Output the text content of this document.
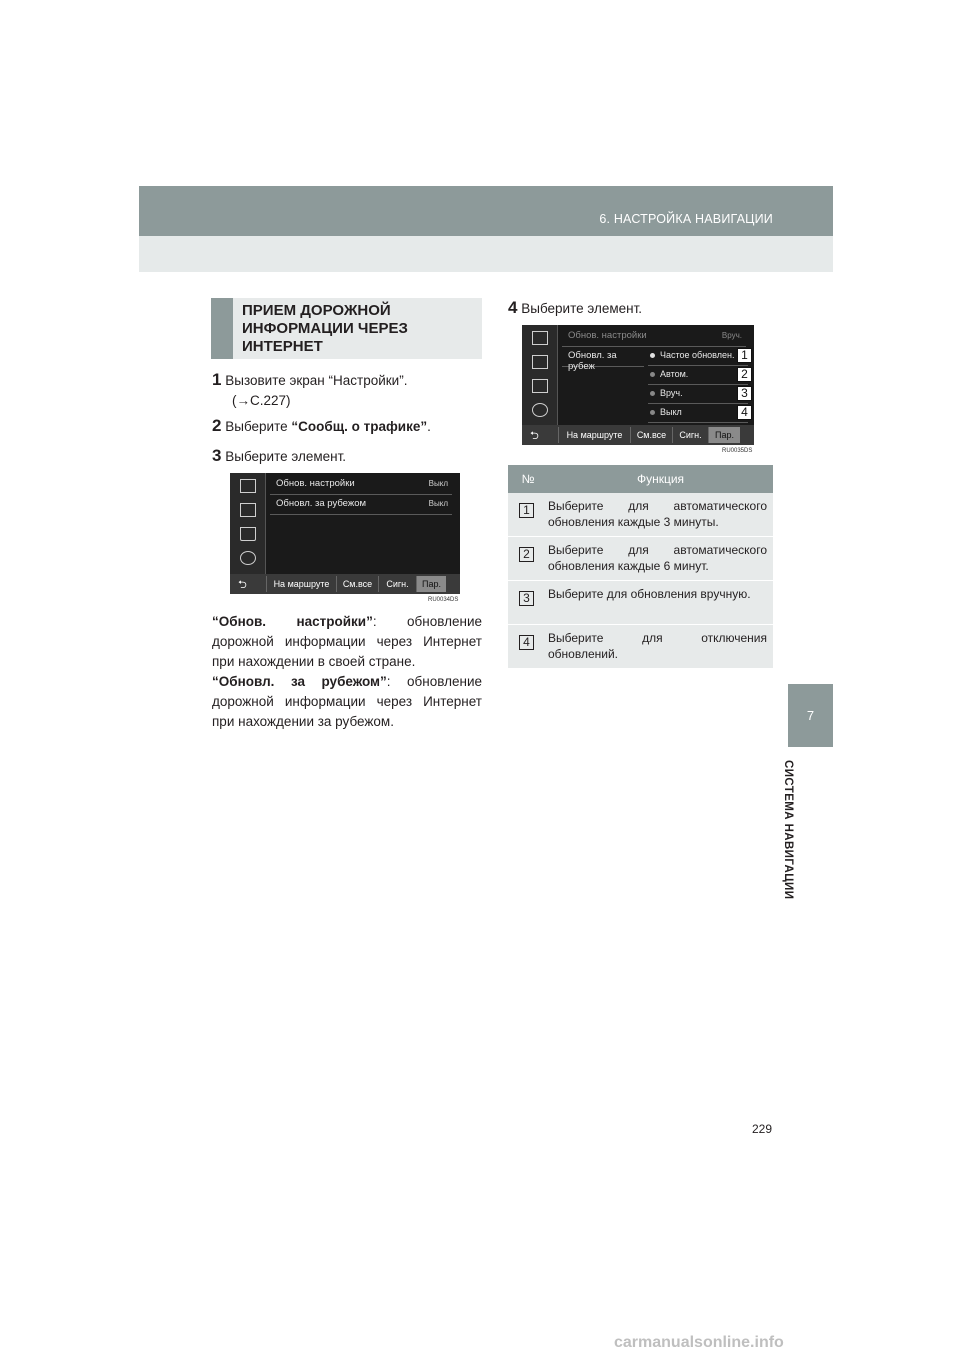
6. НАСТРОЙКА НАВИГАЦИИ
7
СИСТЕМА НАВИГАЦИИ
ПРИЕМ ДОРОЖНОЙ ИНФОРМАЦИИ ЧЕРЕЗ ИНТЕРНЕТ
1 Вызовите экран “Настройки”.
(→С.227)
2 Выберите “Сообщ. о трафике”.
3 Выберите элемент.
Обнов. настройки	Выкл
Обновл. за рубежом	Выкл
⮌	На маршруте	См.все	Сигн.	Пар.
RU0034DS
“Обнов. настройки”: обновление дорожной информации через Интернет при нахождении в своей стране.
“Обновл. за рубежом”: обновление дорожной информации через Интернет при нахождении за рубежом.
4 Выберите элемент.
Обнов. настройки	Вруч.
Обновл. за рубеж
Частое обновлен.
Автом.
Вруч.
Выкл
1
2
3
4
⮌	На маршруте	См.все	Сигн.	Пар.
RU0035DS
№	Функция
1	Выберите для автоматического обновления каждые 3 минуты.
2	Выберите для автоматического обновления каждые 6 минут.
3	Выберите для обновления вручную.
4	Выберите для отключения обновлений.
229
carmanualsonline.info
